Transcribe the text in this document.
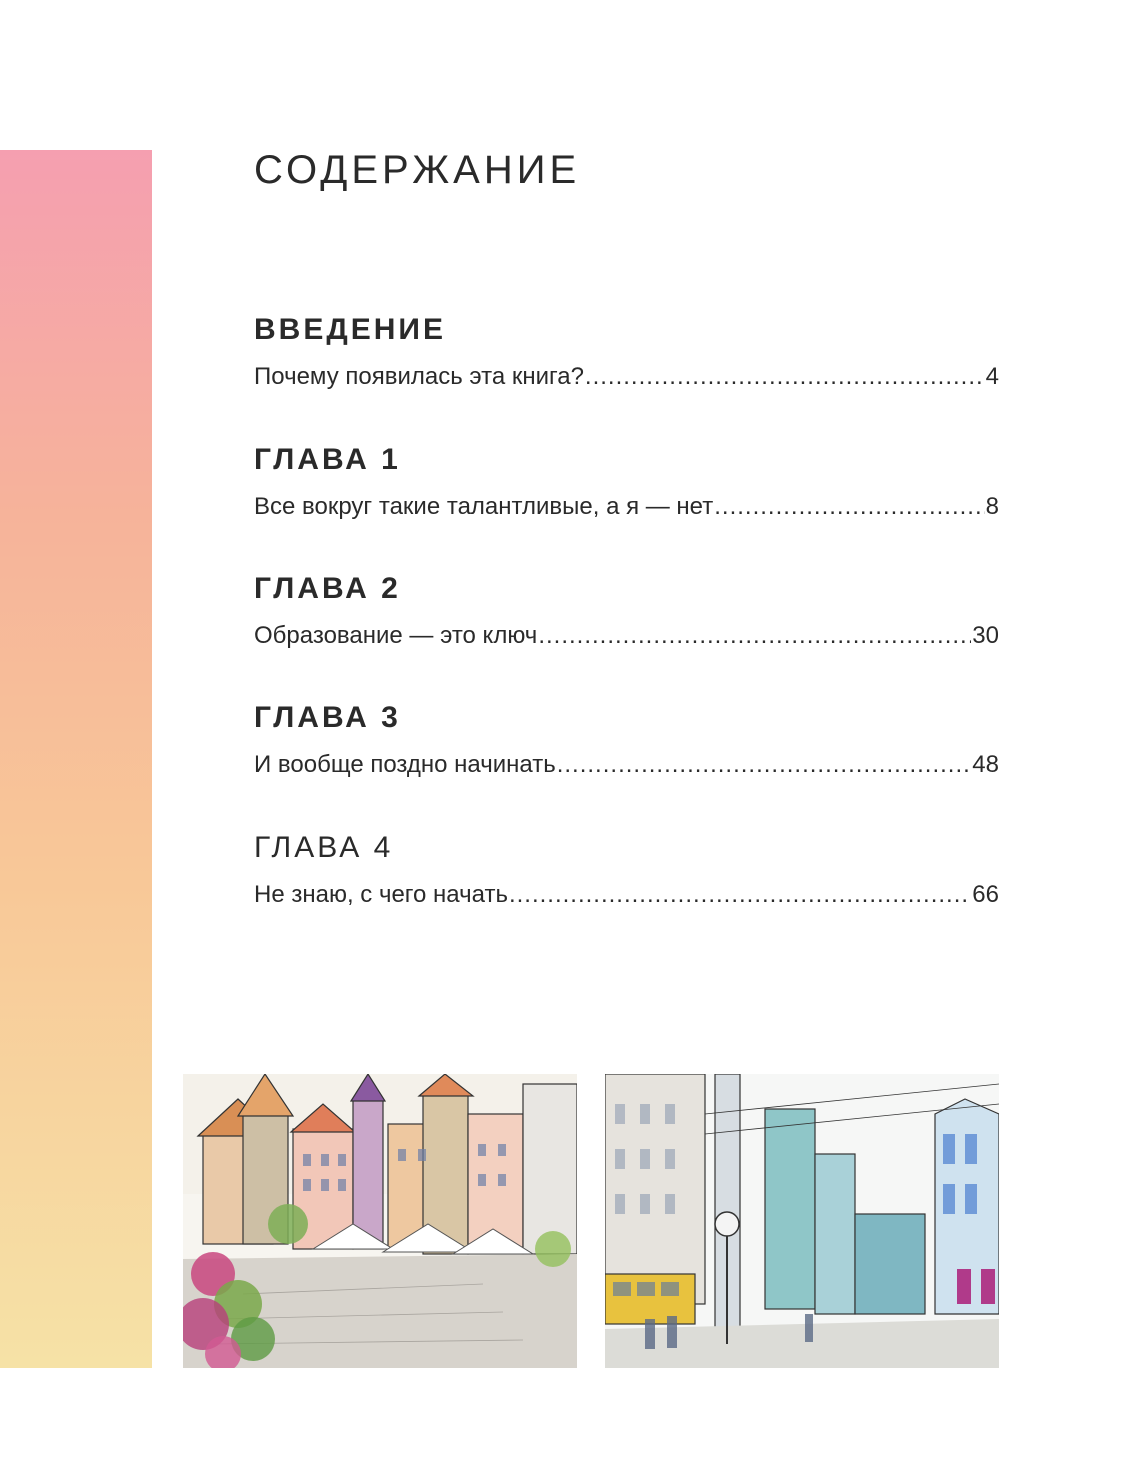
СОДЕРЖАНИЕ
ВВЕДЕНИЕ
Почему появилась эта книга? .....	4
ГЛАВА 1
Все вокруг такие талантливые, а я — нет .....	8
ГЛАВА 2
Образование — это ключ .....	30
ГЛАВА 3
И вообще поздно начинать .....	48
ГЛАВА 4
Не знаю, с чего начать .....	66
